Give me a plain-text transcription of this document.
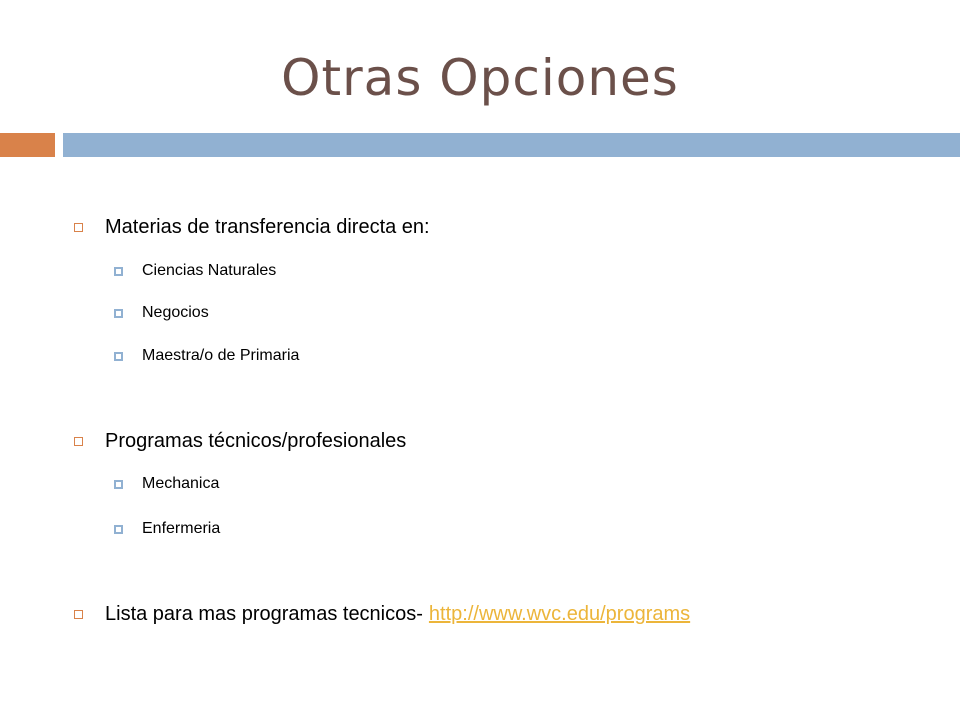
Otras Opciones
Materias de transferencia directa en:
Ciencias Naturales
Negocios
Maestra/o de Primaria
Programas técnicos/profesionales
Mechanica
Enfermeria
Lista para mas programas tecnicos- http://www.wvc.edu/programs
